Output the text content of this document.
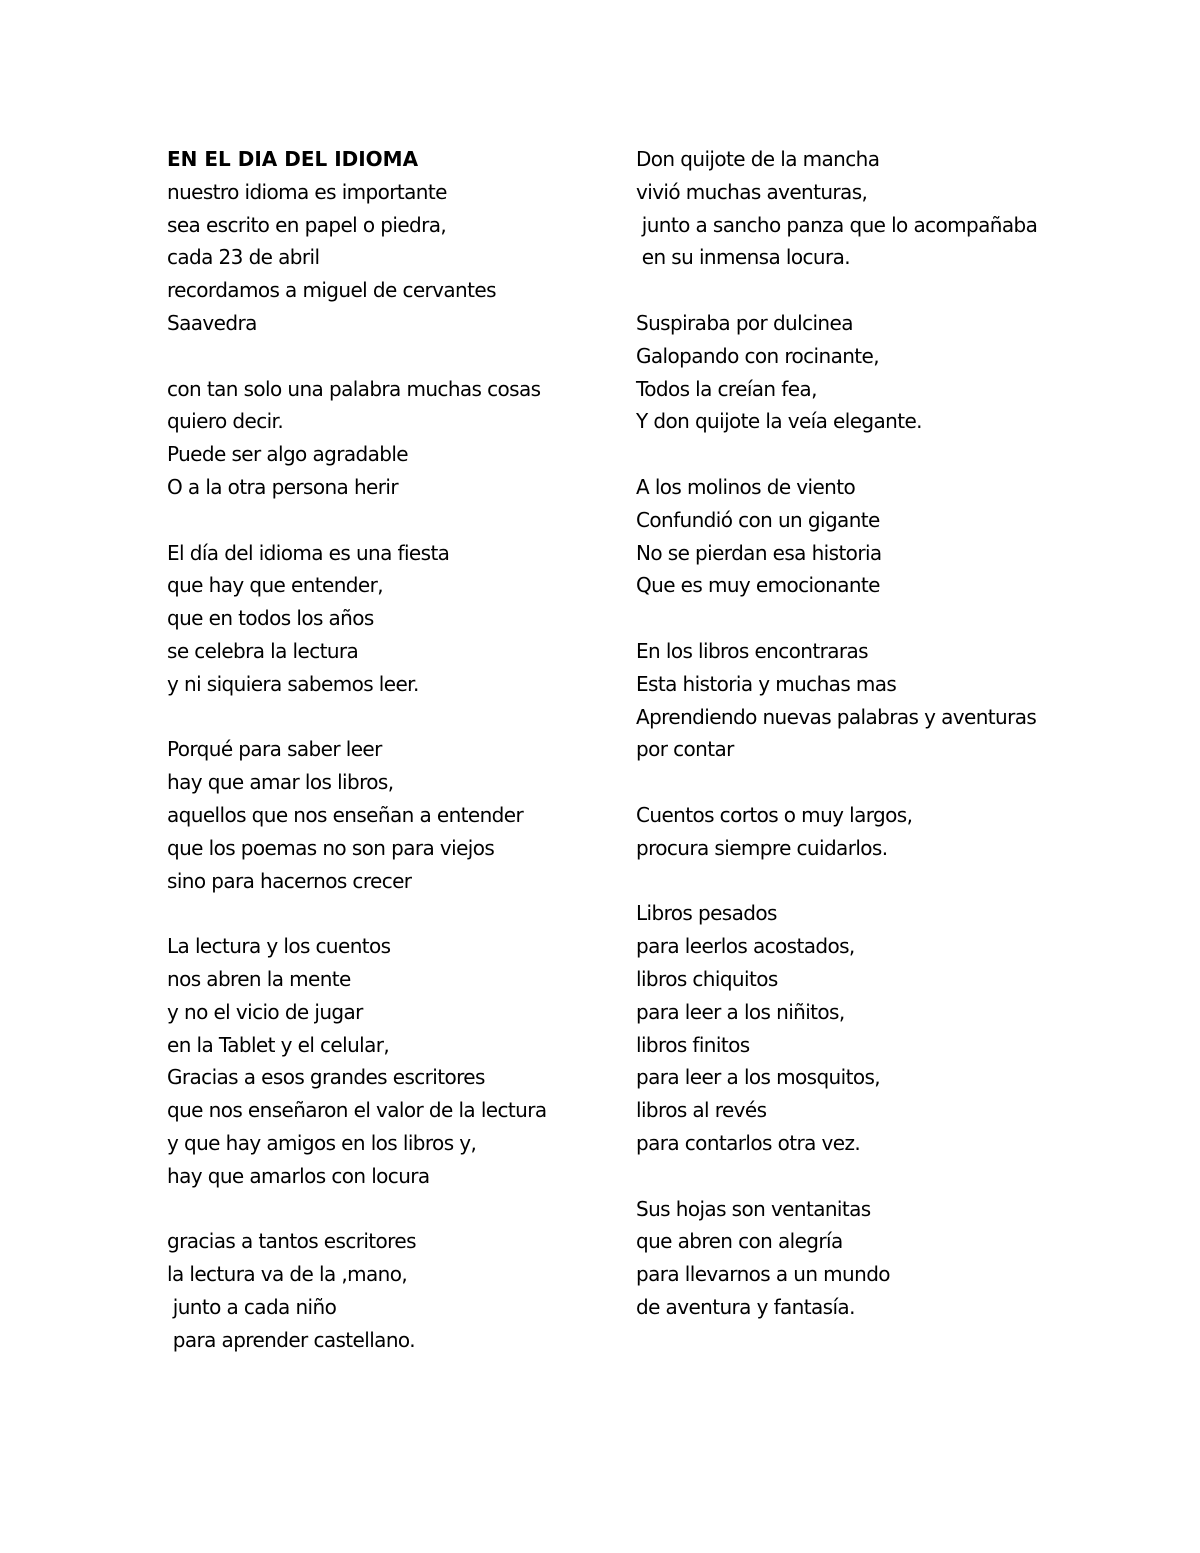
EN EL DIA DEL IDIOMA
nuestro idioma es importante
sea escrito en papel o piedra,
cada 23 de abril
recordamos a miguel de cervantes
Saavedra
con tan solo una palabra muchas cosas
quiero decir.
Puede ser algo agradable
O a la otra persona herir
El día del idioma es una fiesta
que hay que entender,
que en todos los años
se celebra la lectura
y ni siquiera sabemos leer.
Porqué para saber leer
hay que amar los libros,
aquellos que nos enseñan a entender
que los poemas no son para viejos
sino para hacernos crecer
La lectura y los cuentos
nos abren la mente
y no el vicio de jugar
en la Tablet y el celular,
Gracias a esos grandes escritores
que nos enseñaron el valor de la lectura
y que hay amigos en los libros y,
hay que amarlos con locura
gracias a tantos escritores
la lectura va de la ,mano,
junto a cada niño
para aprender castellano.
Don quijote de la mancha
vivió muchas aventuras,
junto a sancho panza que lo acompañaba
en su inmensa locura.
Suspiraba por dulcinea
Galopando con rocinante,
Todos la creían fea,
Y don quijote la veía elegante.
A los molinos de viento
Confundió con un gigante
No se pierdan esa historia
Que es muy emocionante
En los libros encontraras
Esta historia y muchas mas
Aprendiendo nuevas palabras y aventuras
por contar
Cuentos cortos o muy largos,
procura siempre cuidarlos.
Libros pesados
para leerlos acostados,
libros chiquitos
para leer a los niñitos,
libros finitos
para leer a los mosquitos,
libros al revés
para contarlos otra vez.
Sus hojas son ventanitas
que abren con alegría
para llevarnos a un mundo
de aventura y fantasía.
